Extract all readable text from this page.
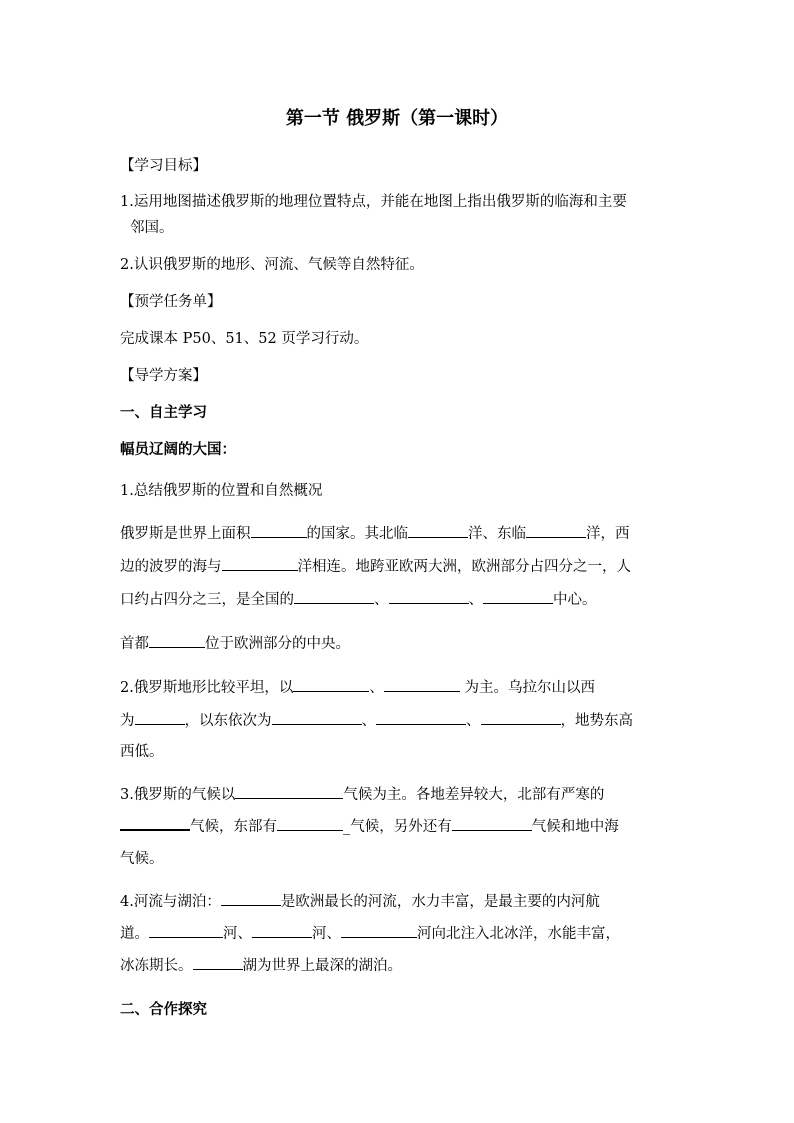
第一节 俄罗斯（第一课时）
【学习目标】
1.运用地图描述俄罗斯的地理位置特点，并能在地图上指出俄罗斯的临海和主要
邻国。
2.认识俄罗斯的地形、河流、气候等自然特征。
【预学任务单】
完成课本 P50、51、52 页学习行动。
【导学方案】
一、自主学习
幅员辽阔的大国：
1.总结俄罗斯的位置和自然概况
俄罗斯是世界上面积	的国家。其北临	洋、东临	洋，西
边的波罗的海与	洋相连。地跨亚欧两大洲，欧洲部分占四分之一，人
口约占四分之三，是全国的	、	、	中心。
首都	位于欧洲部分的中央。
2.俄罗斯地形比较平坦，以	、	为主。乌拉尔山以西
为	，以东依次为	、	、	，地势东高
西低。
3.俄罗斯的气候以	气候为主。各地差异较大，北部有严寒的
气候，东部有	_气候，另外还有	气候和地中海
气候。
4.河流与湖泊：	是欧洲最长的河流，水力丰富，是最主要的内河航
道。	河、	河、	河向北注入北冰洋，水能丰富，
冰冻期长。	湖为世界上最深的湖泊。
二、合作探究
